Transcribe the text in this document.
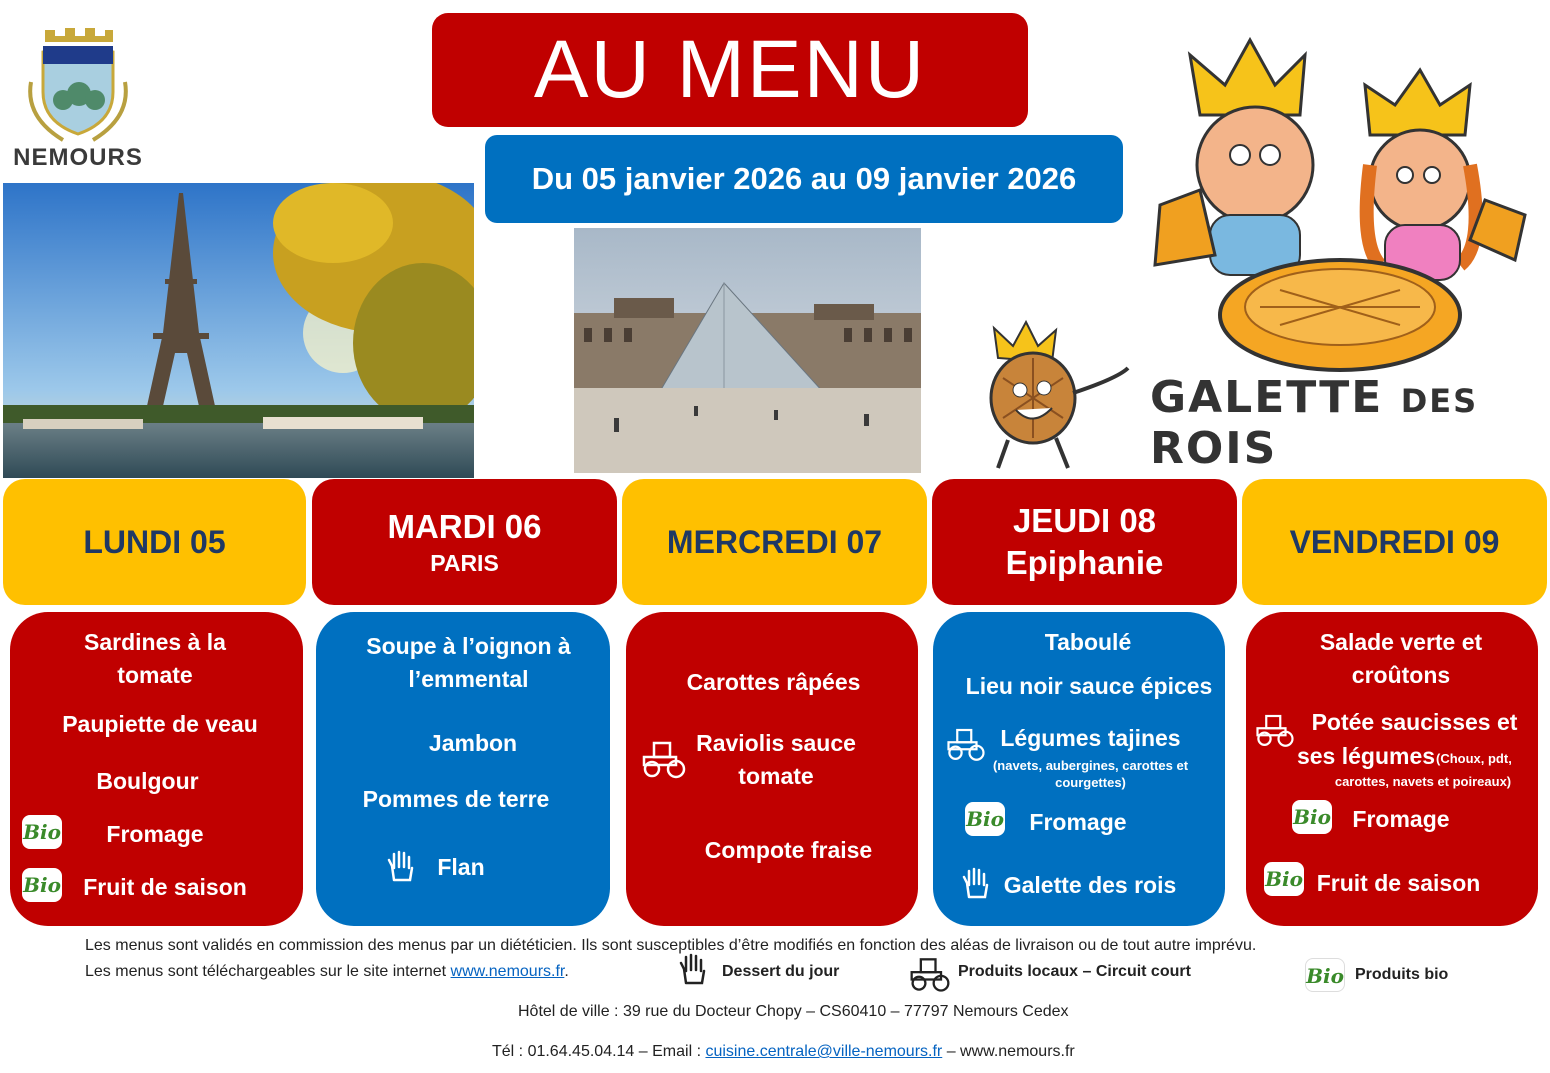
NEMOURS
AU MENU
Du 05 janvier 2026 au 09 janvier 2026
GALETTE DES ROIS
LUNDI 05	MARDI 06
PARIS
MERCREDI 07
JEUDI 08
Epiphanie
VENDREDI 09
Sardines à la tomate
Paupiette de veau
Boulgour
Bio	Fromage
Bio Fruit de saison
Soupe à l’oignon à l’emmental
Jambon
Pommes de terre
Flan
Carottes râpées
Raviolis sauce tomate
Compote fraise
Taboulé
Lieu noir sauce épices
Légumes tajines
(navets, aubergines, carottes et courgettes)
Bio	Fromage
Galette des rois
Salade verte et croûtons
Potée saucisses et
ses légumes (Choux, pdt,
carottes, navets et poireaux)
Bio Fromage
Bio Fruit de saison
Les menus sont validés en commission des menus par un diététicien. Ils sont susceptibles d’être modifiés en fonction des aléas de livraison ou de tout autre imprévu.
Les menus sont téléchargeables sur le site internet www.nemours.fr.	Dessert du jour	Produits locaux – Circuit court	Bio Produits bio
Hôtel de ville : 39 rue du Docteur Chopy – CS60410 – 77797 Nemours Cedex
Tél : 01.64.45.04.14 – Email : cuisine.centrale@ville-nemours.fr – www.nemours.fr
